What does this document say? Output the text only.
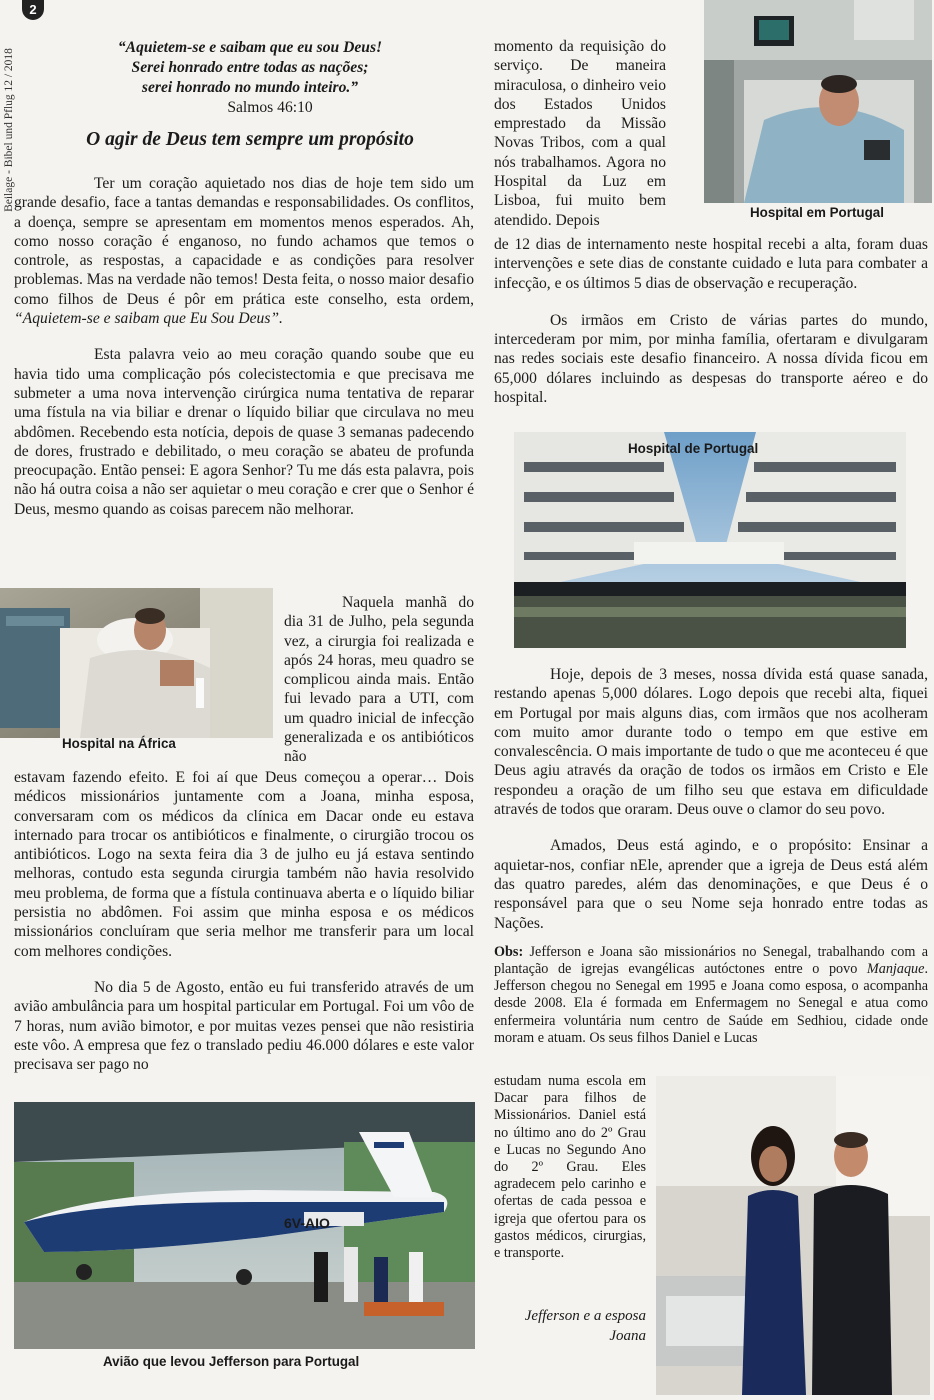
2
Beilage - Bibel und Pflug 12 / 2018
“Aquietem-se e saibam que eu sou Deus!
Serei honrado entre todas as nações;
serei honrado no mundo inteiro.”
Salmos 46:10
O agir de Deus tem sempre um propósito

Ter um coração aquietado nos dias de hoje tem sido um grande desafio, face a tantas demandas e responsabilidades. Os conflitos, a doença, sempre se apresentam em momentos menos esperados. Ah, como nosso coração é enganoso, no fundo achamos que temos o controle, as respostas, a capacidade e as condições para resolver problemas. Mas na verdade não temos! Desta feita, o nosso maior desafio como filhos de Deus é pôr em prática este conselho, esta ordem, “Aquietem-se e saibam que Eu Sou Deus”.

Esta palavra veio ao meu coração quando soube que eu havia tido uma complicação pós colecistectomia e que precisava me submeter a uma nova intervenção cirúrgica numa tentativa de reparar uma fístula na via biliar e drenar o líquido biliar que circulava no meu abdômen. Recebendo esta notícia, depois de quase 3 semanas padecendo de dores, frustrado e debilitado, o meu coração se abateu de profunda preocupação. Então pensei: E agora Senhor? Tu me dás esta palavra, pois não há outra coisa a não ser aquietar o meu coração e crer que o Senhor é Deus, mesmo quando as coisas parecem não melhorar.

Hospital na África

Naquela manhã do dia 31 de Julho, pela segunda vez, a cirurgia foi realizada e após 24 horas, meu quadro se complicou ainda mais. Então fui levado para a UTI, com um quadro inicial de infecção generalizada e os antibióticos não

estavam fazendo efeito. E foi aí que Deus começou a operar… Dois médicos missionários juntamente com a Joana, minha esposa, conversaram com os médicos da clínica em Dacar onde eu estava internado para trocar os antibióticos e finalmente, o cirurgião trocou os antibióticos. Logo na sexta feira dia 3 de julho eu já estava sentindo melhoras, contudo esta segunda cirurgia também não havia resolvido meu problema, de forma que a fístula continuava aberta e o líquido biliar persistia no abdômen. Foi assim que minha esposa e os médicos missionários concluíram que seria melhor me transferir para um local com melhores condições.

No dia 5 de Agosto, então eu fui transferido através de um avião ambulância para um hospital particular em Portugal. Foi um vôo de 7 horas, num avião bimotor, e por muitas vezes pensei que não resistiria este vôo. A empresa que fez o translado pediu 46.000 dólares e este valor precisava ser pago no

6V-AIO
Avião que levou Jefferson para Portugal

momento da requisição do serviço. De maneira miraculosa, o dinheiro veio dos Estados Unidos emprestado da Missão Novas Tribos, com a qual nós trabalhamos. Agora no Hospital da Luz em Lisboa, fui muito bem atendido. Depois	Hospital em Portugal

de 12 dias de internamento neste hospital recebi a alta, foram duas intervenções e sete dias de constante cuidado e luta para combater a infecção, e os últimos 5 dias de observação e recuperação.

Os irmãos em Cristo de várias partes do mundo, intercederam por mim, por minha família, ofertaram e divulgaram nas redes sociais este desafio financeiro. A nossa dívida ficou em 65,000 dólares incluindo as despesas do transporte aéreo e do hospital.

Hospital de Portugal

Hoje, depois de 3 meses, nossa dívida está quase sanada, restando apenas 5,000 dólares. Logo depois que recebi alta, fiquei em Portugal por mais alguns dias, com irmãos que nos acolheram com muito amor durante todo o tempo em que estive em convalescência. O mais importante de tudo o que me aconteceu é que Deus agiu através da oração de todos os irmãos em Cristo e Ele respondeu a oração de um filho seu que estava em dificuldade através de todos que oraram. Deus ouve o clamor do seu povo.

Amados, Deus está agindo, e o propósito: Ensinar a aquietar-nos, confiar nEle, aprender que a igreja de Deus está além das quatro paredes, além das denominações, e que Deus é o responsável para que o seu Nome seja honrado entre todas as Nações.

Obs: Jefferson e Joana são missionários no Senegal, trabalhando com a plantação de igrejas evangélicas autóctones entre o povo Manjaque. Jefferson chegou no Senegal em 1995 e Joana como esposa, o acompanha desde 2008. Ela é formada em Enfermagem no Senegal e atua como enfermeira voluntária num centro de Saúde em Sedhiou, cidade onde moram e atuam. Os seus filhos Daniel e Lucas

estudam numa escola em Dacar para filhos de Missionários. Daniel está no último ano do 2º Grau e Lucas no Segundo Ano do 2º Grau. Eles agradecem pelo carinho e ofertas de cada pessoa e igreja que ofertou para os gastos médicos, cirurgias, e transporte.

Jefferson e a esposa
Joana
